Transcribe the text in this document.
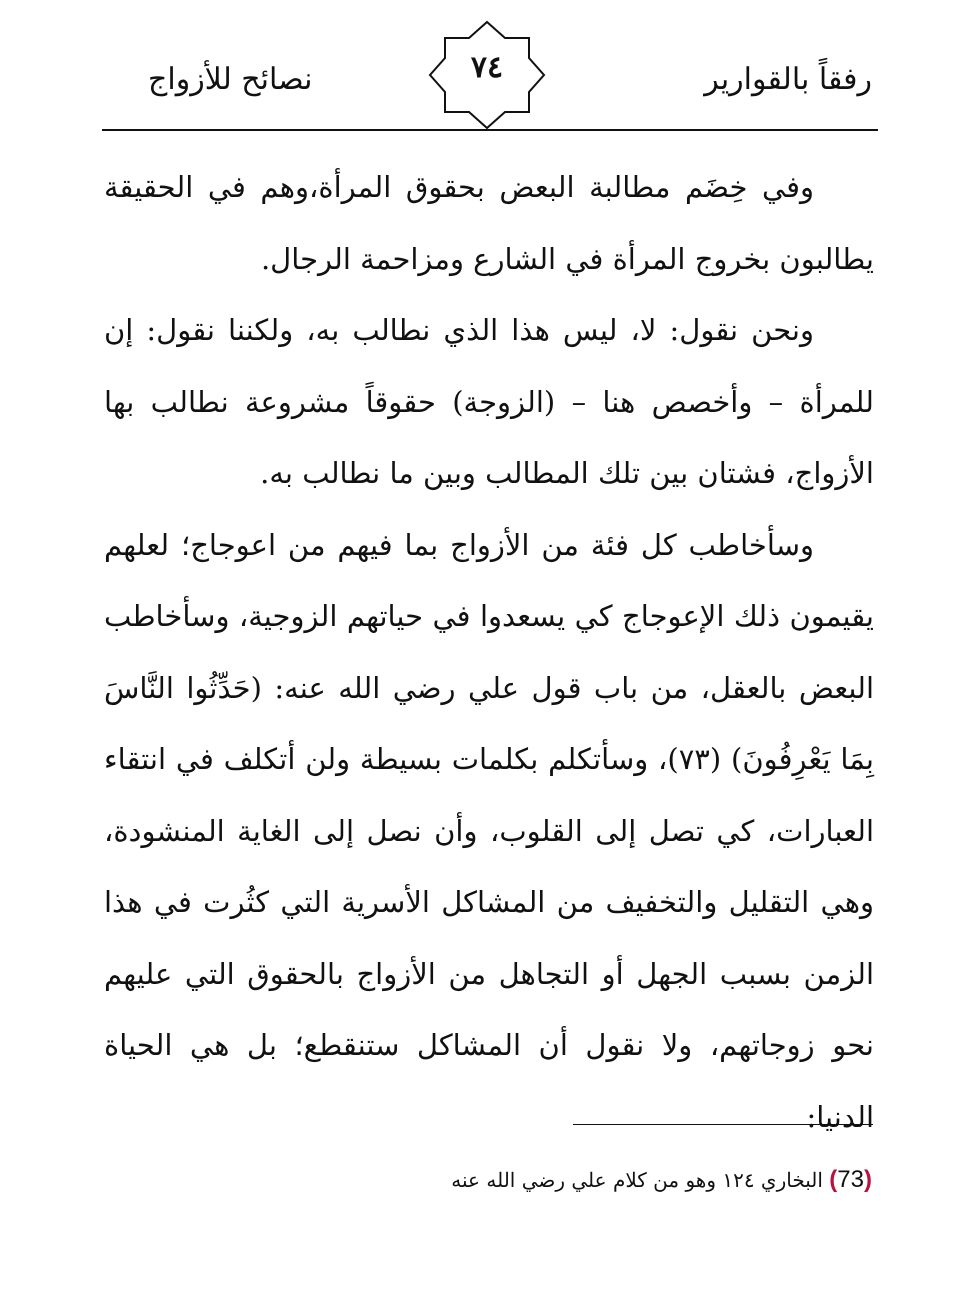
رفقاً بالقوارير
٧٤
نصائح للأزواج

وفي خِضَم مطالبة البعض بحقوق المرأة،وهم في الحقيقة يطالبون بخروج المرأة في الشارع ومزاحمة الرجال.

ونحن نقول: لا، ليس هذا الذي نطالب به، ولكننا نقول: إن للمرأة – وأخصص هنا – (الزوجة) حقوقاً مشروعة نطالب بها الأزواج، فشتان بين تلك المطالب وبين ما نطالب به.

وسأخاطب كل فئة من الأزواج بما فيهم من اعوجاج؛ لعلهم يقيمون ذلك الإعوجاج كي يسعدوا في حياتهم الزوجية، وسأخاطب البعض بالعقل، من باب قول علي رضي الله عنه: (حَدِّثُوا النَّاسَ بِمَا يَعْرِفُونَ) (٧٣)، وسأتكلم بكلمات بسيطة ولن أتكلف في انتقاء العبارات، كي تصل إلى القلوب، وأن نصل إلى الغاية المنشودة، وهي التقليل والتخفيف من المشاكل الأسرية التي كثُرت في هذا الزمن بسبب الجهل أو التجاهل من الأزواج بالحقوق التي عليهم نحو زوجاتهم، ولا نقول أن المشاكل ستنقطع؛ بل هي الحياة الدنيا:

(73) البخاري ١٢٤ وهو من كلام علي رضي الله عنه
